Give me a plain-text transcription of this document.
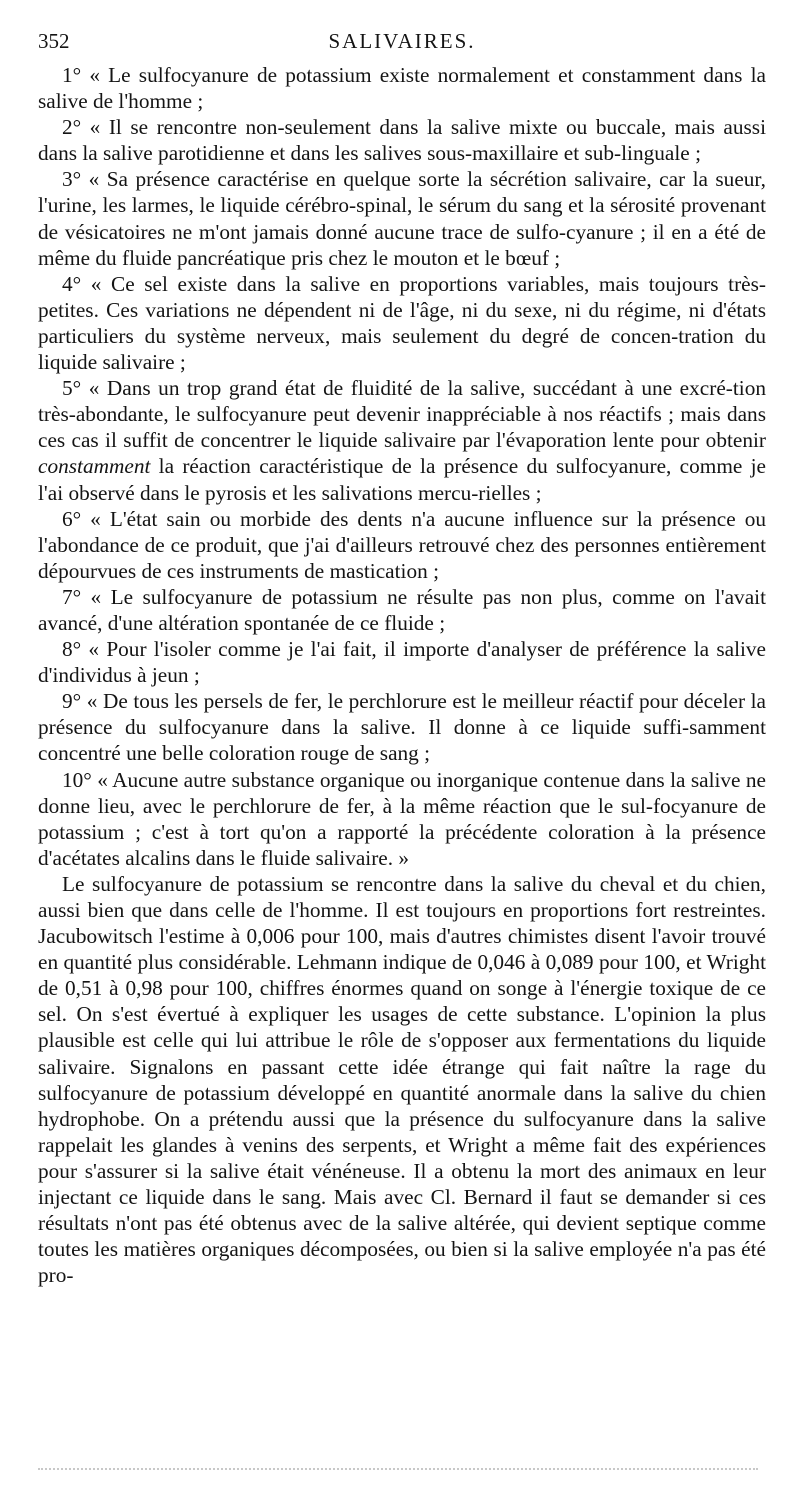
352	SALIVAIRES.

1° « Le sulfocyanure de potassium existe normalement et constamment dans la salive de l'homme ;

2° « Il se rencontre non-seulement dans la salive mixte ou buccale, mais aussi dans la salive parotidienne et dans les salives sous-maxillaire et sub-linguale ;

3° « Sa présence caractérise en quelque sorte la sécrétion salivaire, car la sueur, l'urine, les larmes, le liquide cérébro-spinal, le sérum du sang et la sérosité provenant de vésicatoires ne m'ont jamais donné aucune trace de sulfo-cyanure ; il en a été de même du fluide pancréatique pris chez le mouton et le bœuf ;

4° « Ce sel existe dans la salive en proportions variables, mais toujours très-petites. Ces variations ne dépendent ni de l'âge, ni du sexe, ni du régime, ni d'états particuliers du système nerveux, mais seulement du degré de concen-tration du liquide salivaire ;

5° « Dans un trop grand état de fluidité de la salive, succédant à une excré-tion très-abondante, le sulfocyanure peut devenir inappréciable à nos réactifs ; mais dans ces cas il suffit de concentrer le liquide salivaire par l'évaporation lente pour obtenir constamment la réaction caractéristique de la présence du sulfocyanure, comme je l'ai observé dans le pyrosis et les salivations mercu-rielles ;

6° « L'état sain ou morbide des dents n'a aucune influence sur la présence ou l'abondance de ce produit, que j'ai d'ailleurs retrouvé chez des personnes entièrement dépourvues de ces instruments de mastication ;

7° « Le sulfocyanure de potassium ne résulte pas non plus, comme on l'avait avancé, d'une altération spontanée de ce fluide ;

8° « Pour l'isoler comme je l'ai fait, il importe d'analyser de préférence la salive d'individus à jeun ;

9° « De tous les persels de fer, le perchlorure est le meilleur réactif pour déceler la présence du sulfocyanure dans la salive. Il donne à ce liquide suffi-samment concentré une belle coloration rouge de sang ;

10° « Aucune autre substance organique ou inorganique contenue dans la salive ne donne lieu, avec le perchlorure de fer, à la même réaction que le sul-focyanure de potassium ; c'est à tort qu'on a rapporté la précédente coloration à la présence d'acétates alcalins dans le fluide salivaire. »

Le sulfocyanure de potassium se rencontre dans la salive du cheval et du chien, aussi bien que dans celle de l'homme. Il est toujours en proportions fort restreintes. Jacubowitsch l'estime à 0,006 pour 100, mais d'autres chimistes disent l'avoir trouvé en quantité plus considérable. Lehmann indique de 0,046 à 0,089 pour 100, et Wright de 0,51 à 0,98 pour 100, chiffres énormes quand on songe à l'énergie toxique de ce sel. On s'est évertué à expliquer les usages de cette substance. L'opinion la plus plausible est celle qui lui attribue le rôle de s'opposer aux fermentations du liquide salivaire. Signalons en passant cette idée étrange qui fait naître la rage du sulfocyanure de potassium développé en quantité anormale dans la salive du chien hydrophobe. On a prétendu aussi que la présence du sulfocyanure dans la salive rappelait les glandes à venins des serpents, et Wright a même fait des expériences pour s'assurer si la salive était vénéneuse. Il a obtenu la mort des animaux en leur injectant ce liquide dans le sang. Mais avec Cl. Bernard il faut se demander si ces résultats n'ont pas été obtenus avec de la salive altérée, qui devient septique comme toutes les matières organiques décomposées, ou bien si la salive employée n'a pas été pro-
